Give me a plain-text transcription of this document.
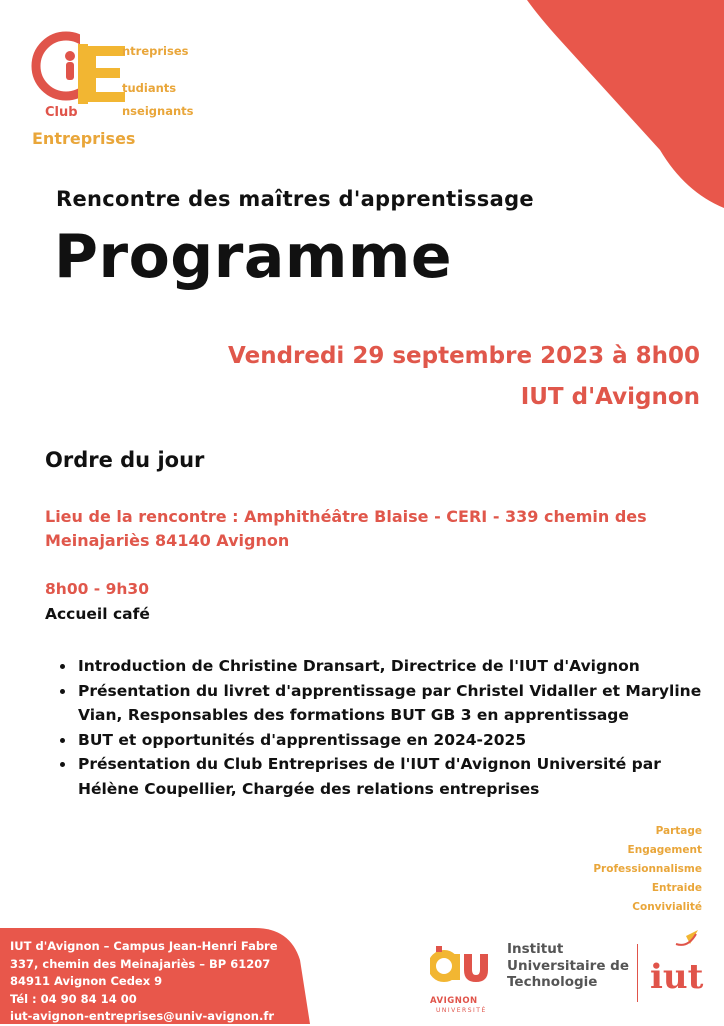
ntreprises
tudiants
nseignants
Club
Entreprises
Rencontre des maîtres d'apprentissage
Programme
Vendredi 29 septembre 2023 à 8h00
IUT d'Avignon
Ordre du jour
Lieu de la rencontre : Amphithéâtre Blaise - CERI - 339 chemin des Meinajariès 84140 Avignon
8h00 - 9h30
Accueil café
• Introduction de Christine Dransart, Directrice de l'IUT d'Avignon
• Présentation du livret d'apprentissage par Christel Vidaller et Maryline Vian, Responsables des formations BUT GB 3 en apprentissage
• BUT et opportunités d'apprentissage en 2024-2025
• Présentation du Club Entreprises de l'IUT d'Avignon Université par Hélène Coupellier, Chargée des relations entreprises
Partage
Engagement
Professionnalisme
Entraide
Convivialité
IUT d'Avignon – Campus Jean-Henri Fabre
337, chemin des Meinajariès – BP 61207
84911 Avignon Cedex 9
Tél : 04 90 84 14 00
iut-avignon-entreprises@univ-avignon.fr
AVIGNON
UNIVERSITÉ
Institut
Universitaire de
Technologie	iut
